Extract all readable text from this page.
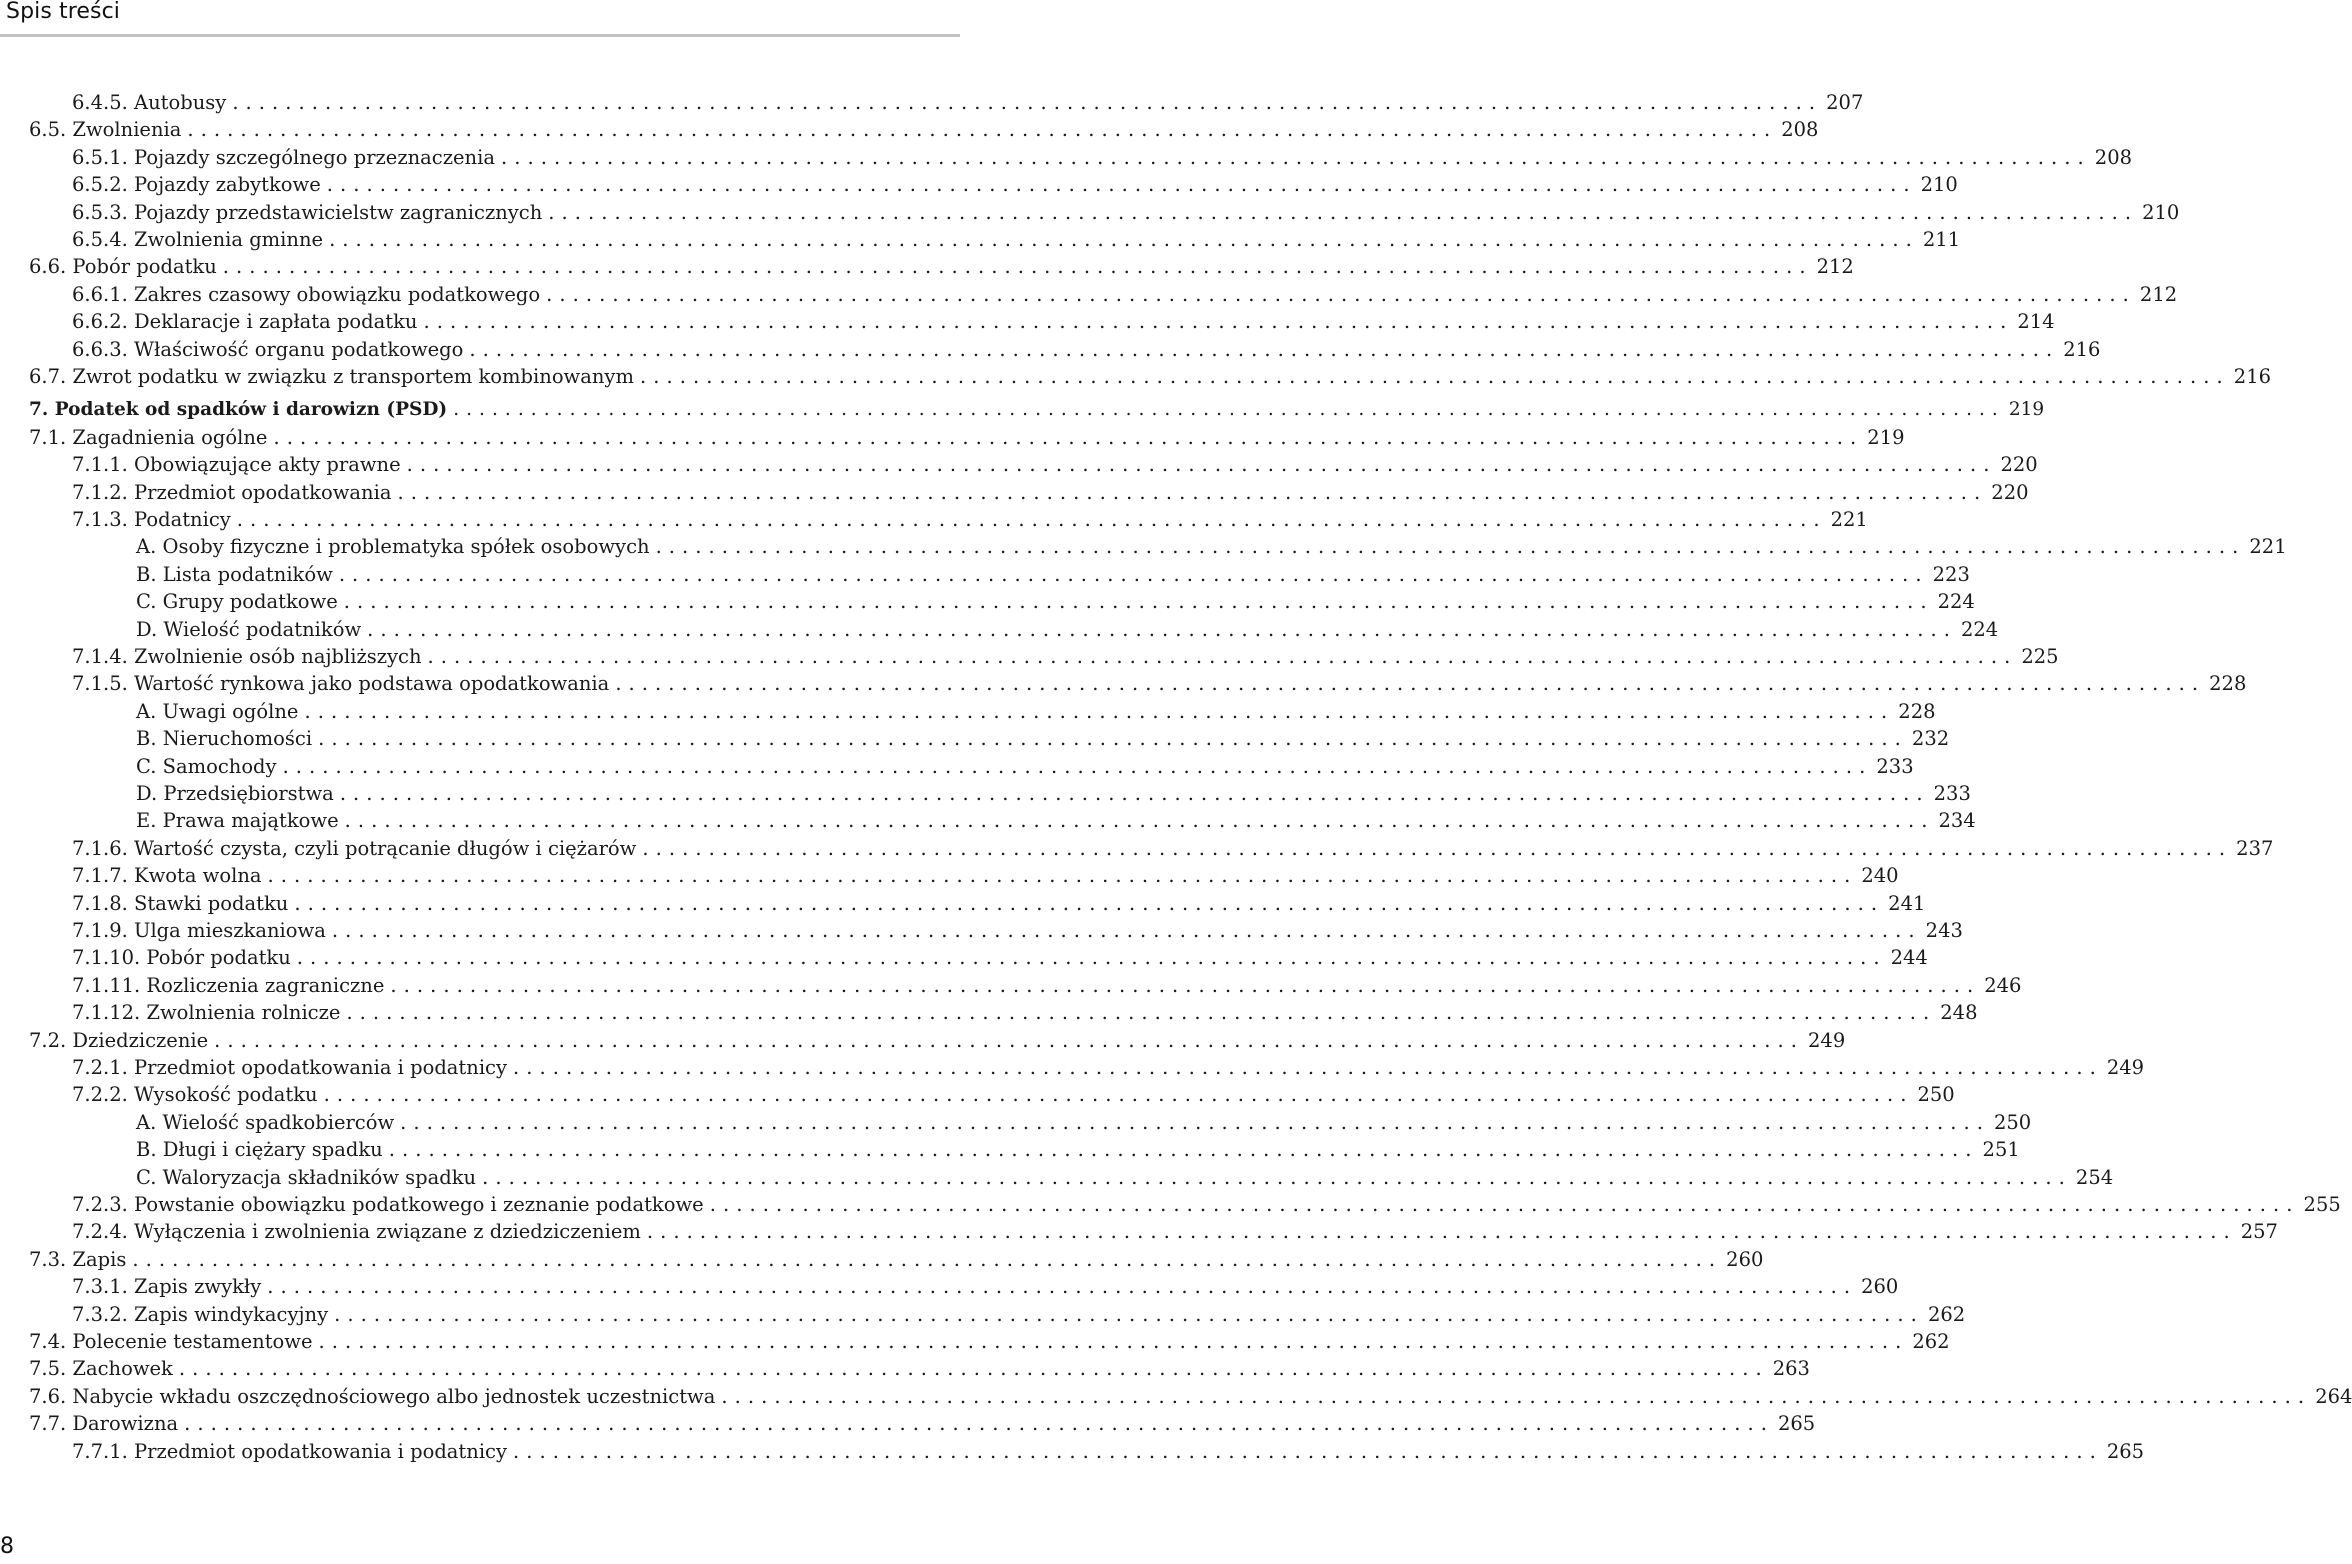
Spis treści
6.4.5. Autobusy ........................................................................................................................ 207
6.5. Zwolnienia ........................................................................................................................ 208
6.5.1. Pojazdy szczególnego przeznaczenia ........................................................................................................................ 208
6.5.2. Pojazdy zabytkowe ........................................................................................................................ 210
6.5.3. Pojazdy przedstawicielstw zagranicznych ........................................................................................................................ 210
6.5.4. Zwolnienia gminne ........................................................................................................................ 211
6.6. Pobór podatku ........................................................................................................................ 212
6.6.1. Zakres czasowy obowiązku podatkowego ........................................................................................................................ 212
6.6.2. Deklaracje i zapłata podatku ........................................................................................................................ 214
6.6.3. Właściwość organu podatkowego ........................................................................................................................ 216
6.7. Zwrot podatku w związku z transportem kombinowanym ........................................................................................................................ 216
7. Podatek od spadków i darowizn (PSD) ........................................................................................................................ 219
7.1. Zagadnienia ogólne ........................................................................................................................ 219
7.1.1. Obowiązujące akty prawne ........................................................................................................................ 220
7.1.2. Przedmiot opodatkowania ........................................................................................................................ 220
7.1.3. Podatnicy ........................................................................................................................ 221
A. Osoby fizyczne i problematyka spółek osobowych ........................................................................................................................ 221
B. Lista podatników ........................................................................................................................ 223
C. Grupy podatkowe ........................................................................................................................ 224
D. Wielość podatników ........................................................................................................................ 224
7.1.4. Zwolnienie osób najbliższych ........................................................................................................................ 225
7.1.5. Wartość rynkowa jako podstawa opodatkowania ........................................................................................................................ 228
A. Uwagi ogólne ........................................................................................................................ 228
B. Nieruchomości ........................................................................................................................ 232
C. Samochody ........................................................................................................................ 233
D. Przedsiębiorstwa ........................................................................................................................ 233
E. Prawa majątkowe ........................................................................................................................ 234
7.1.6. Wartość czysta, czyli potrącanie długów i ciężarów ........................................................................................................................ 237
7.1.7. Kwota wolna ........................................................................................................................ 240
7.1.8. Stawki podatku ........................................................................................................................ 241
7.1.9. Ulga mieszkaniowa ........................................................................................................................ 243
7.1.10. Pobór podatku ........................................................................................................................ 244
7.1.11. Rozliczenia zagraniczne ........................................................................................................................ 246
7.1.12. Zwolnienia rolnicze ........................................................................................................................ 248
7.2. Dziedziczenie ........................................................................................................................ 249
7.2.1. Przedmiot opodatkowania i podatnicy ........................................................................................................................ 249
7.2.2. Wysokość podatku ........................................................................................................................ 250
A. Wielość spadkobierców ........................................................................................................................ 250
B. Długi i ciężary spadku ........................................................................................................................ 251
C. Waloryzacja składników spadku ........................................................................................................................ 254
7.2.3. Powstanie obowiązku podatkowego i zeznanie podatkowe ........................................................................................................................ 255
7.2.4. Wyłączenia i zwolnienia związane z dziedziczeniem ........................................................................................................................ 257
7.3. Zapis ........................................................................................................................ 260
7.3.1. Zapis zwykły ........................................................................................................................ 260
7.3.2. Zapis windykacyjny ........................................................................................................................ 262
7.4. Polecenie testamentowe ........................................................................................................................ 262
7.5. Zachowek ........................................................................................................................ 263
7.6. Nabycie wkładu oszczędnościowego albo jednostek uczestnictwa ........................................................................................................................ 264
7.7. Darowizna ........................................................................................................................ 265
7.7.1. Przedmiot opodatkowania i podatnicy ........................................................................................................................ 265
8
